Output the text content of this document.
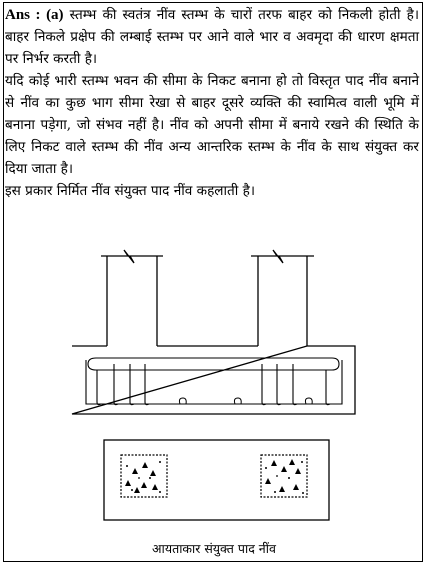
Ans : (a) स्तम्भ की स्वतंत्र नींव स्तम्भ के चारों तरफ बाहर को निकली होती है। बाहर निकले प्रक्षेप की लम्बाई स्तम्भ पर आने वाले भार व अवमृदा की धारण क्षमता पर निर्भर करती है।

यदि कोई भारी स्तम्भ भवन की सीमा के निकट बनाना हो तो विस्तृत पाद नींव बनाने से नींव का कुछ भाग सीमा रेखा से बाहर दूसरे व्यक्ति की स्वामित्व वाली भूमि में बनाना पड़ेगा, जो संभव नहीं है। नींव को अपनी सीमा में बनाये रखने की स्थिति के लिए निकट वाले स्तम्भ की नींव अन्य आन्तरिक स्तम्भ के नींव के साथ संयुक्त कर दिया जाता है।

इस प्रकार निर्मित नींव संयुक्त पाद नींव कहलाती है।

आयताकार संयुक्त पाद नींव
